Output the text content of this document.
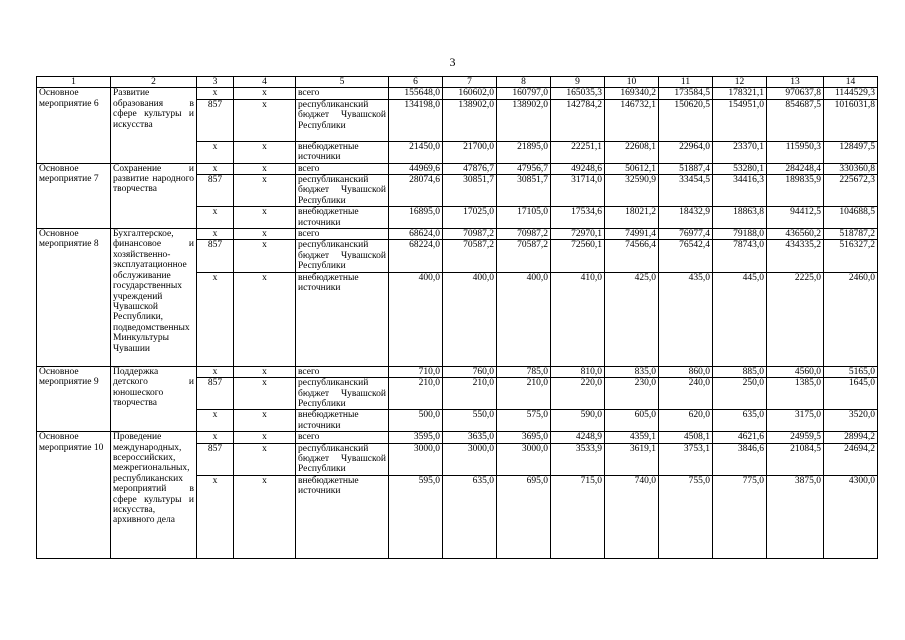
3
1	2	3	4	5	6	7	8	9	10	11	12	13	14
Основное мероприятие 6	Развитие образования в сфере культуры и искусства	х	х	всего	155648,0	160602,0	160797,0	165035,3	169340,2	173584,5	178321,1	970637,8	1144529,3
		857	х	республиканский бюджет Чувашской Республики	134198,0	138902,0	138902,0	142784,2	146732,1	150620,5	154951,0	854687,5	1016031,8
		х	х	внебюджетные источники	21450,0	21700,0	21895,0	22251,1	22608,1	22964,0	23370,1	115950,3	128497,5
Основное мероприятие 7	Сохранение и развитие народного творчества	х	х	всего	44969,6	47876,7	47956,7	49248,6	50612,1	51887,4	53280,1	284248,4	330360,8
		857	х	республиканский бюджет Чувашской Республики	28074,6	30851,7	30851,7	31714,0	32590,9	33454,5	34416,3	189835,9	225672,3
		х	х	внебюджетные источники	16895,0	17025,0	17105,0	17534,6	18021,2	18432,9	18863,8	94412,5	104688,5
Основное мероприятие 8	Бухгалтерское, финансовое и хозяйственно-эксплуатационное обслуживание государственных учреждений Чувашской Республики, подведомственных Минкультуры Чувашии	х	х	всего	68624,0	70987,2	70987,2	72970,1	74991,4	76977,4	79188,0	436560,2	518787,2
		857	х	республиканский бюджет Чувашской Республики	68224,0	70587,2	70587,2	72560,1	74566,4	76542,4	78743,0	434335,2	516327,2
		х	х	внебюджетные источники	400,0	400,0	400,0	410,0	425,0	435,0	445,0	2225,0	2460,0
Основное мероприятие 9	Поддержка детского и юношеского творчества	х	х	всего	710,0	760,0	785,0	810,0	835,0	860,0	885,0	4560,0	5165,0
		857	х	республиканский бюджет Чувашской Республики	210,0	210,0	210,0	220,0	230,0	240,0	250,0	1385,0	1645,0
		х	х	внебюджетные источники	500,0	550,0	575,0	590,0	605,0	620,0	635,0	3175,0	3520,0
Основное мероприятие 10	Проведение международных, всероссийских, межрегиональных, республиканских мероприятий в сфере культуры и искусства, архивного дела	х	х	всего	3595,0	3635,0	3695,0	4248,9	4359,1	4508,1	4621,6	24959,5	28994,2
		857	х	республиканский бюджет Чувашской Республики	3000,0	3000,0	3000,0	3533,9	3619,1	3753,1	3846,6	21084,5	24694,2
		х	х	внебюджетные источники	595,0	635,0	695,0	715,0	740,0	755,0	775,0	3875,0	4300,0
